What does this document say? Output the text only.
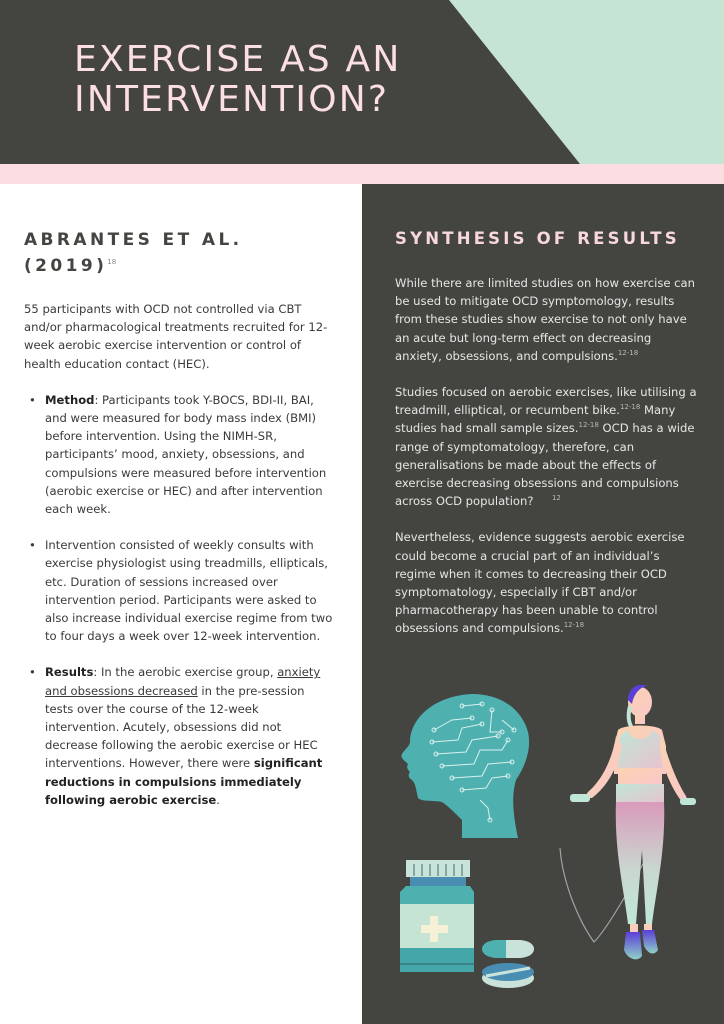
EXERCISE AS AN
INTERVENTION?
ABRANTES ET AL.
$(2019)^{18}$

55 participants with OCD not controlled via CBT and/or pharmacological treatments recruited for 12-week aerobic exercise intervention or control of health education contact (HEC).

• Method: Participants took Y-BOCS, BDI-II, BAI, and were measured for body mass index (BMI) before intervention. Using the NIMH-SR, participants’ mood, anxiety, obsessions, and compulsions were measured before intervention (aerobic exercise or HEC) and after intervention each week.
• Intervention consisted of weekly consults with exercise physiologist using treadmills, ellipticals, etc. Duration of sessions increased over intervention period. Participants were asked to also increase individual exercise regime from two to four days a week over 12-week intervention.
• Results: In the aerobic exercise group, anxiety and obsessions decreased in the pre-session tests over the course of the 12-week intervention. Acutely, obsessions did not decrease following the aerobic exercise or HEC interventions. However, there were significant reductions in compulsions immediately following aerobic exercise.
SYNTHESIS OF RESULTS

While there are limited studies on how exercise can be used to mitigate OCD symptomology, results from these studies show exercise to not only have an acute but long-term effect on decreasing anxiety, obsessions, and compulsions.$^{12-18}$

Studies focused on aerobic exercises, like utilising a treadmill, elliptical, or recumbent bike.$^{12-18}$ Many studies had small sample sizes.$^{12-18}$ OCD has a wide range of symptomatology, therefore, can generalisations be made about the effects of exercise decreasing obsessions and compulsions across OCD population?	$^{12}$

Nevertheless, evidence suggests aerobic exercise could become a crucial part of an individual’s regime when it comes to decreasing their OCD symptomatology, especially if CBT and/or pharmacotherapy has been unable to control obsessions and compulsions.$^{12-18}$
